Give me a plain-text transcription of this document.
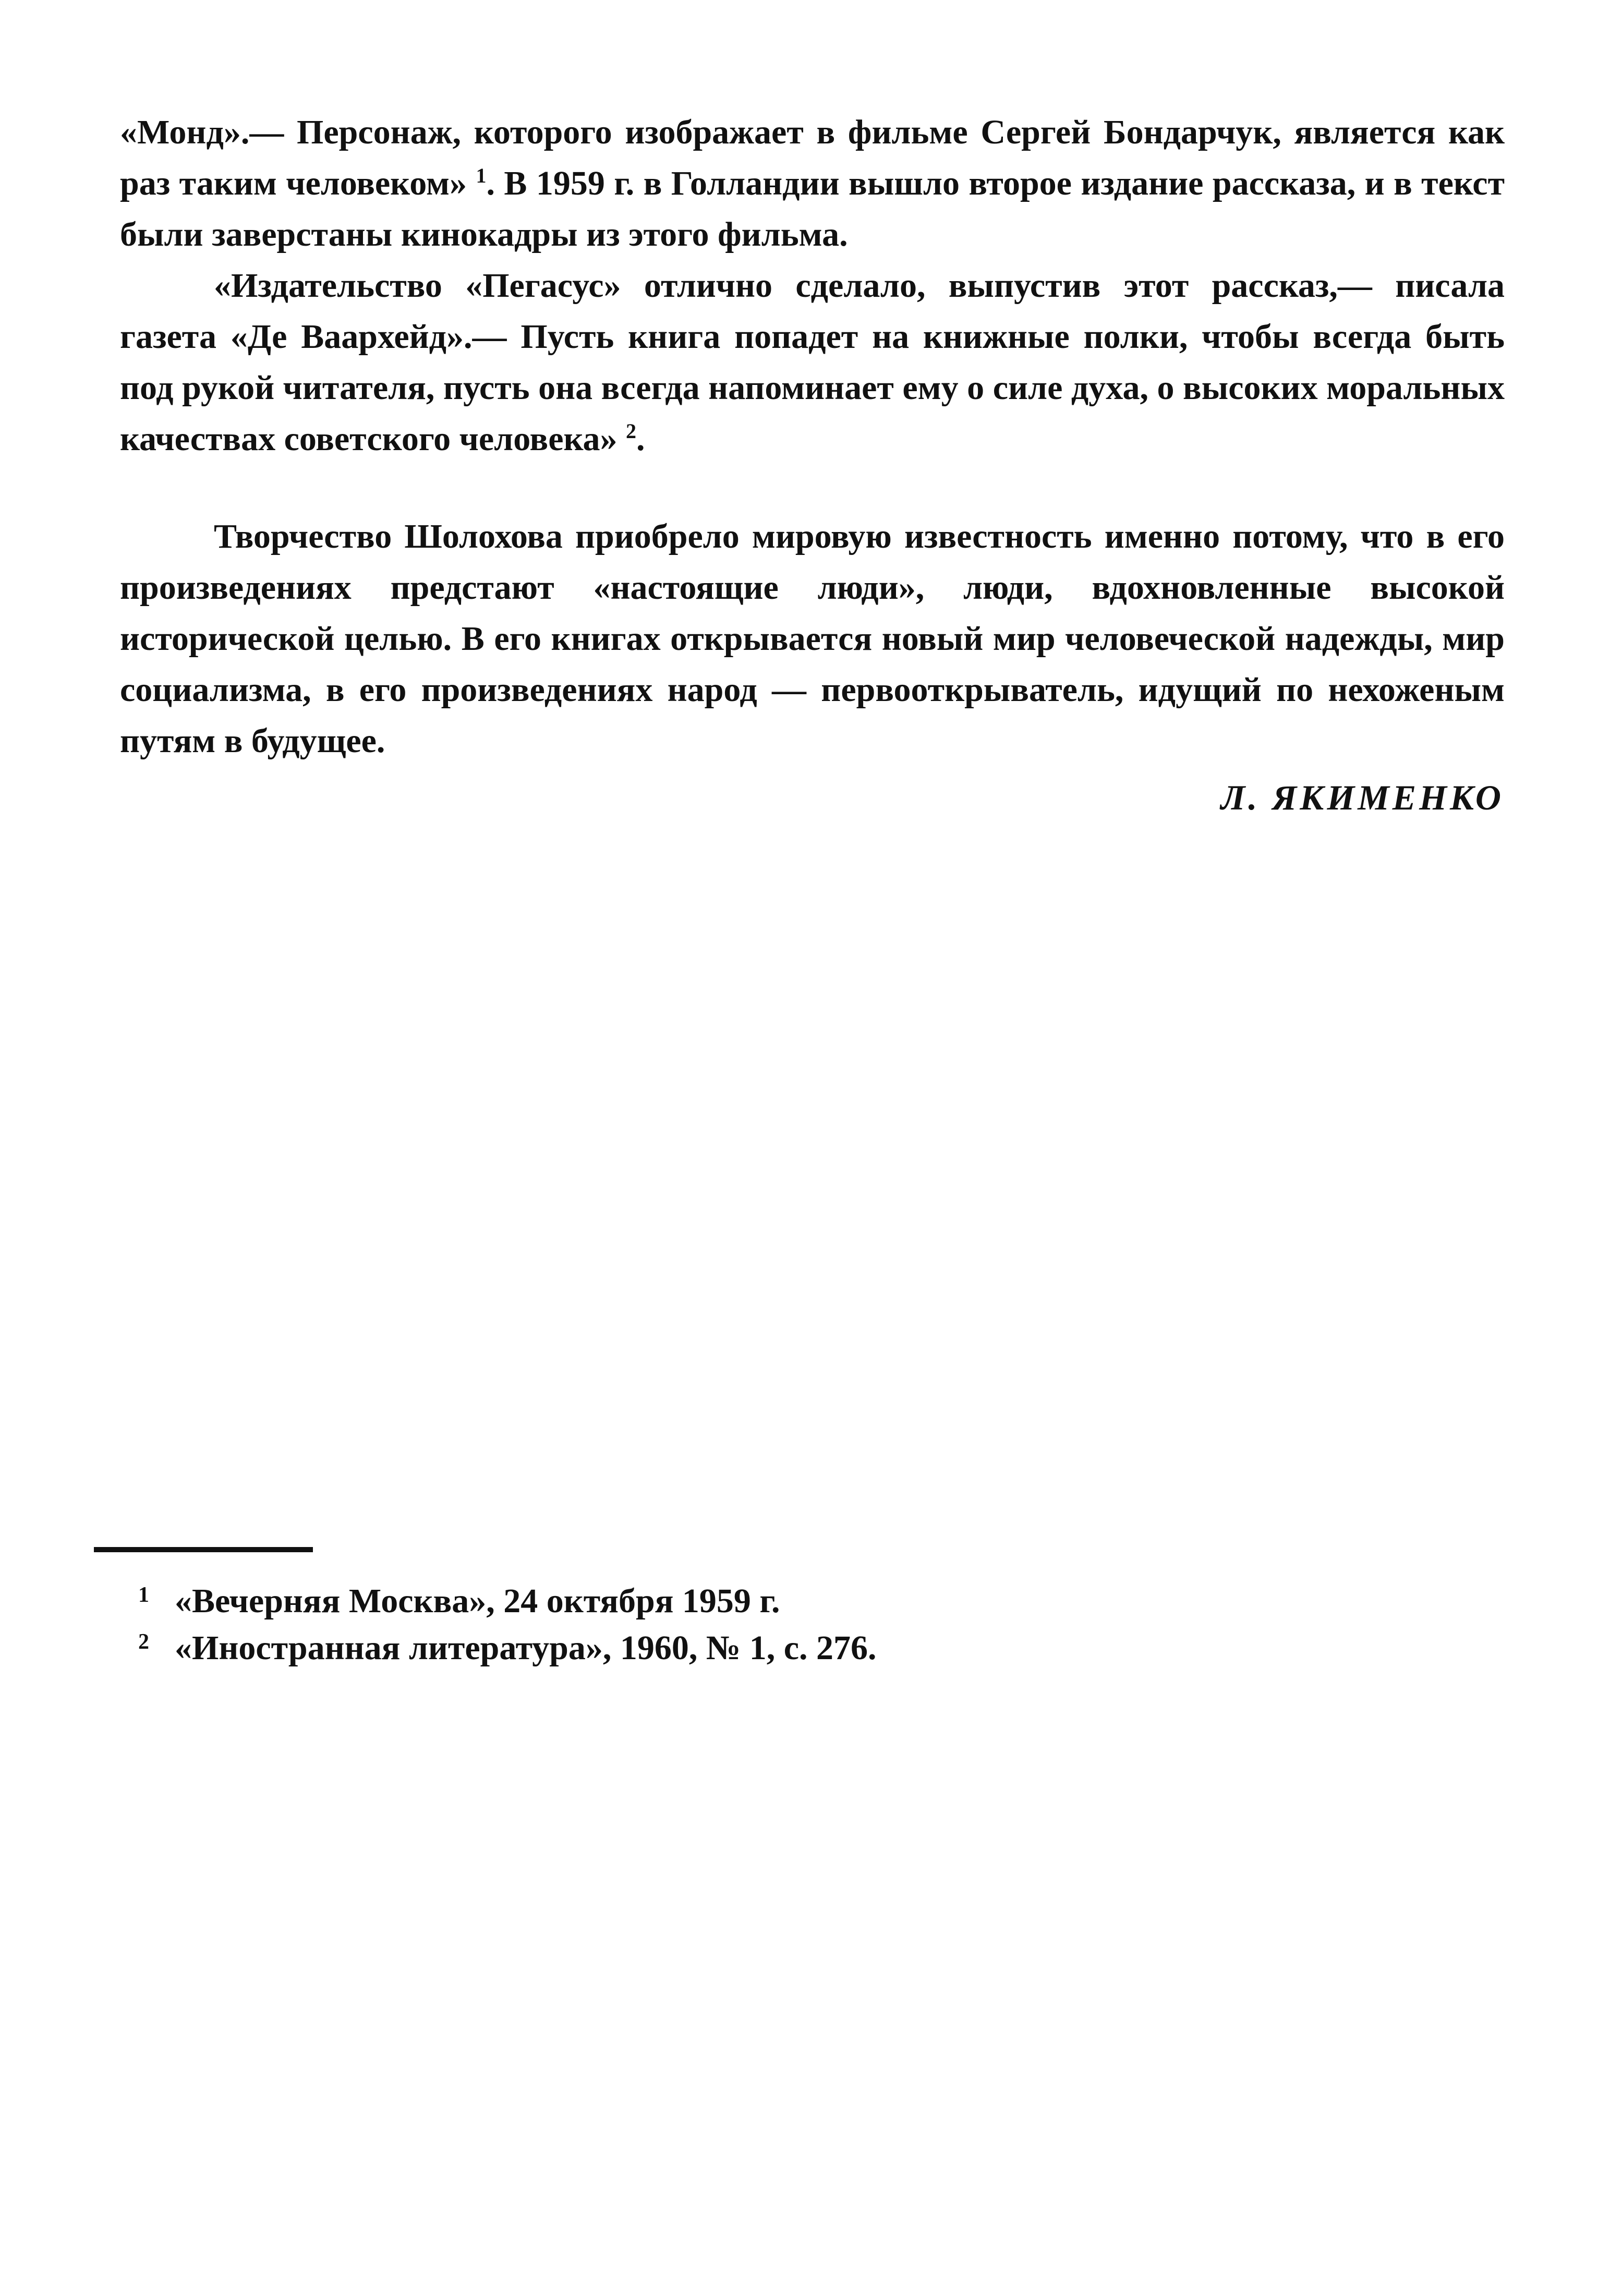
«Монд».— Персонаж, которого изображает в фильме Сергей Бондарчук, является как раз таким человеком» $^1$. В 1959 г. в Голландии вышло второе издание рассказа, и в текст были заверстаны кинокадры из этого фильма.

«Издательство «Пегасус» отлично сделало, выпустив этот рассказ,— писала газета «Де Ваархейд».— Пусть книга попадет на книжные полки, чтобы всегда быть под рукой читателя, пусть она всегда напоминает ему о силе духа, о высоких моральных качествах советского человека» $^2$.

Творчество Шолохова приобрело мировую известность именно потому, что в его произведениях предстают «настоящие люди», люди, вдохновленные высокой исторической целью. В его книгах открывается новый мир человеческой надежды, мир социализма, в его произведениях народ — первооткрыватель, идущий по нехоженым путям в будущее.

Л. ЯКИМЕНКО
1 «Вечерняя Москва», 24 октября 1959 г.
2 «Иностранная литература», 1960, № 1, с. 276.
